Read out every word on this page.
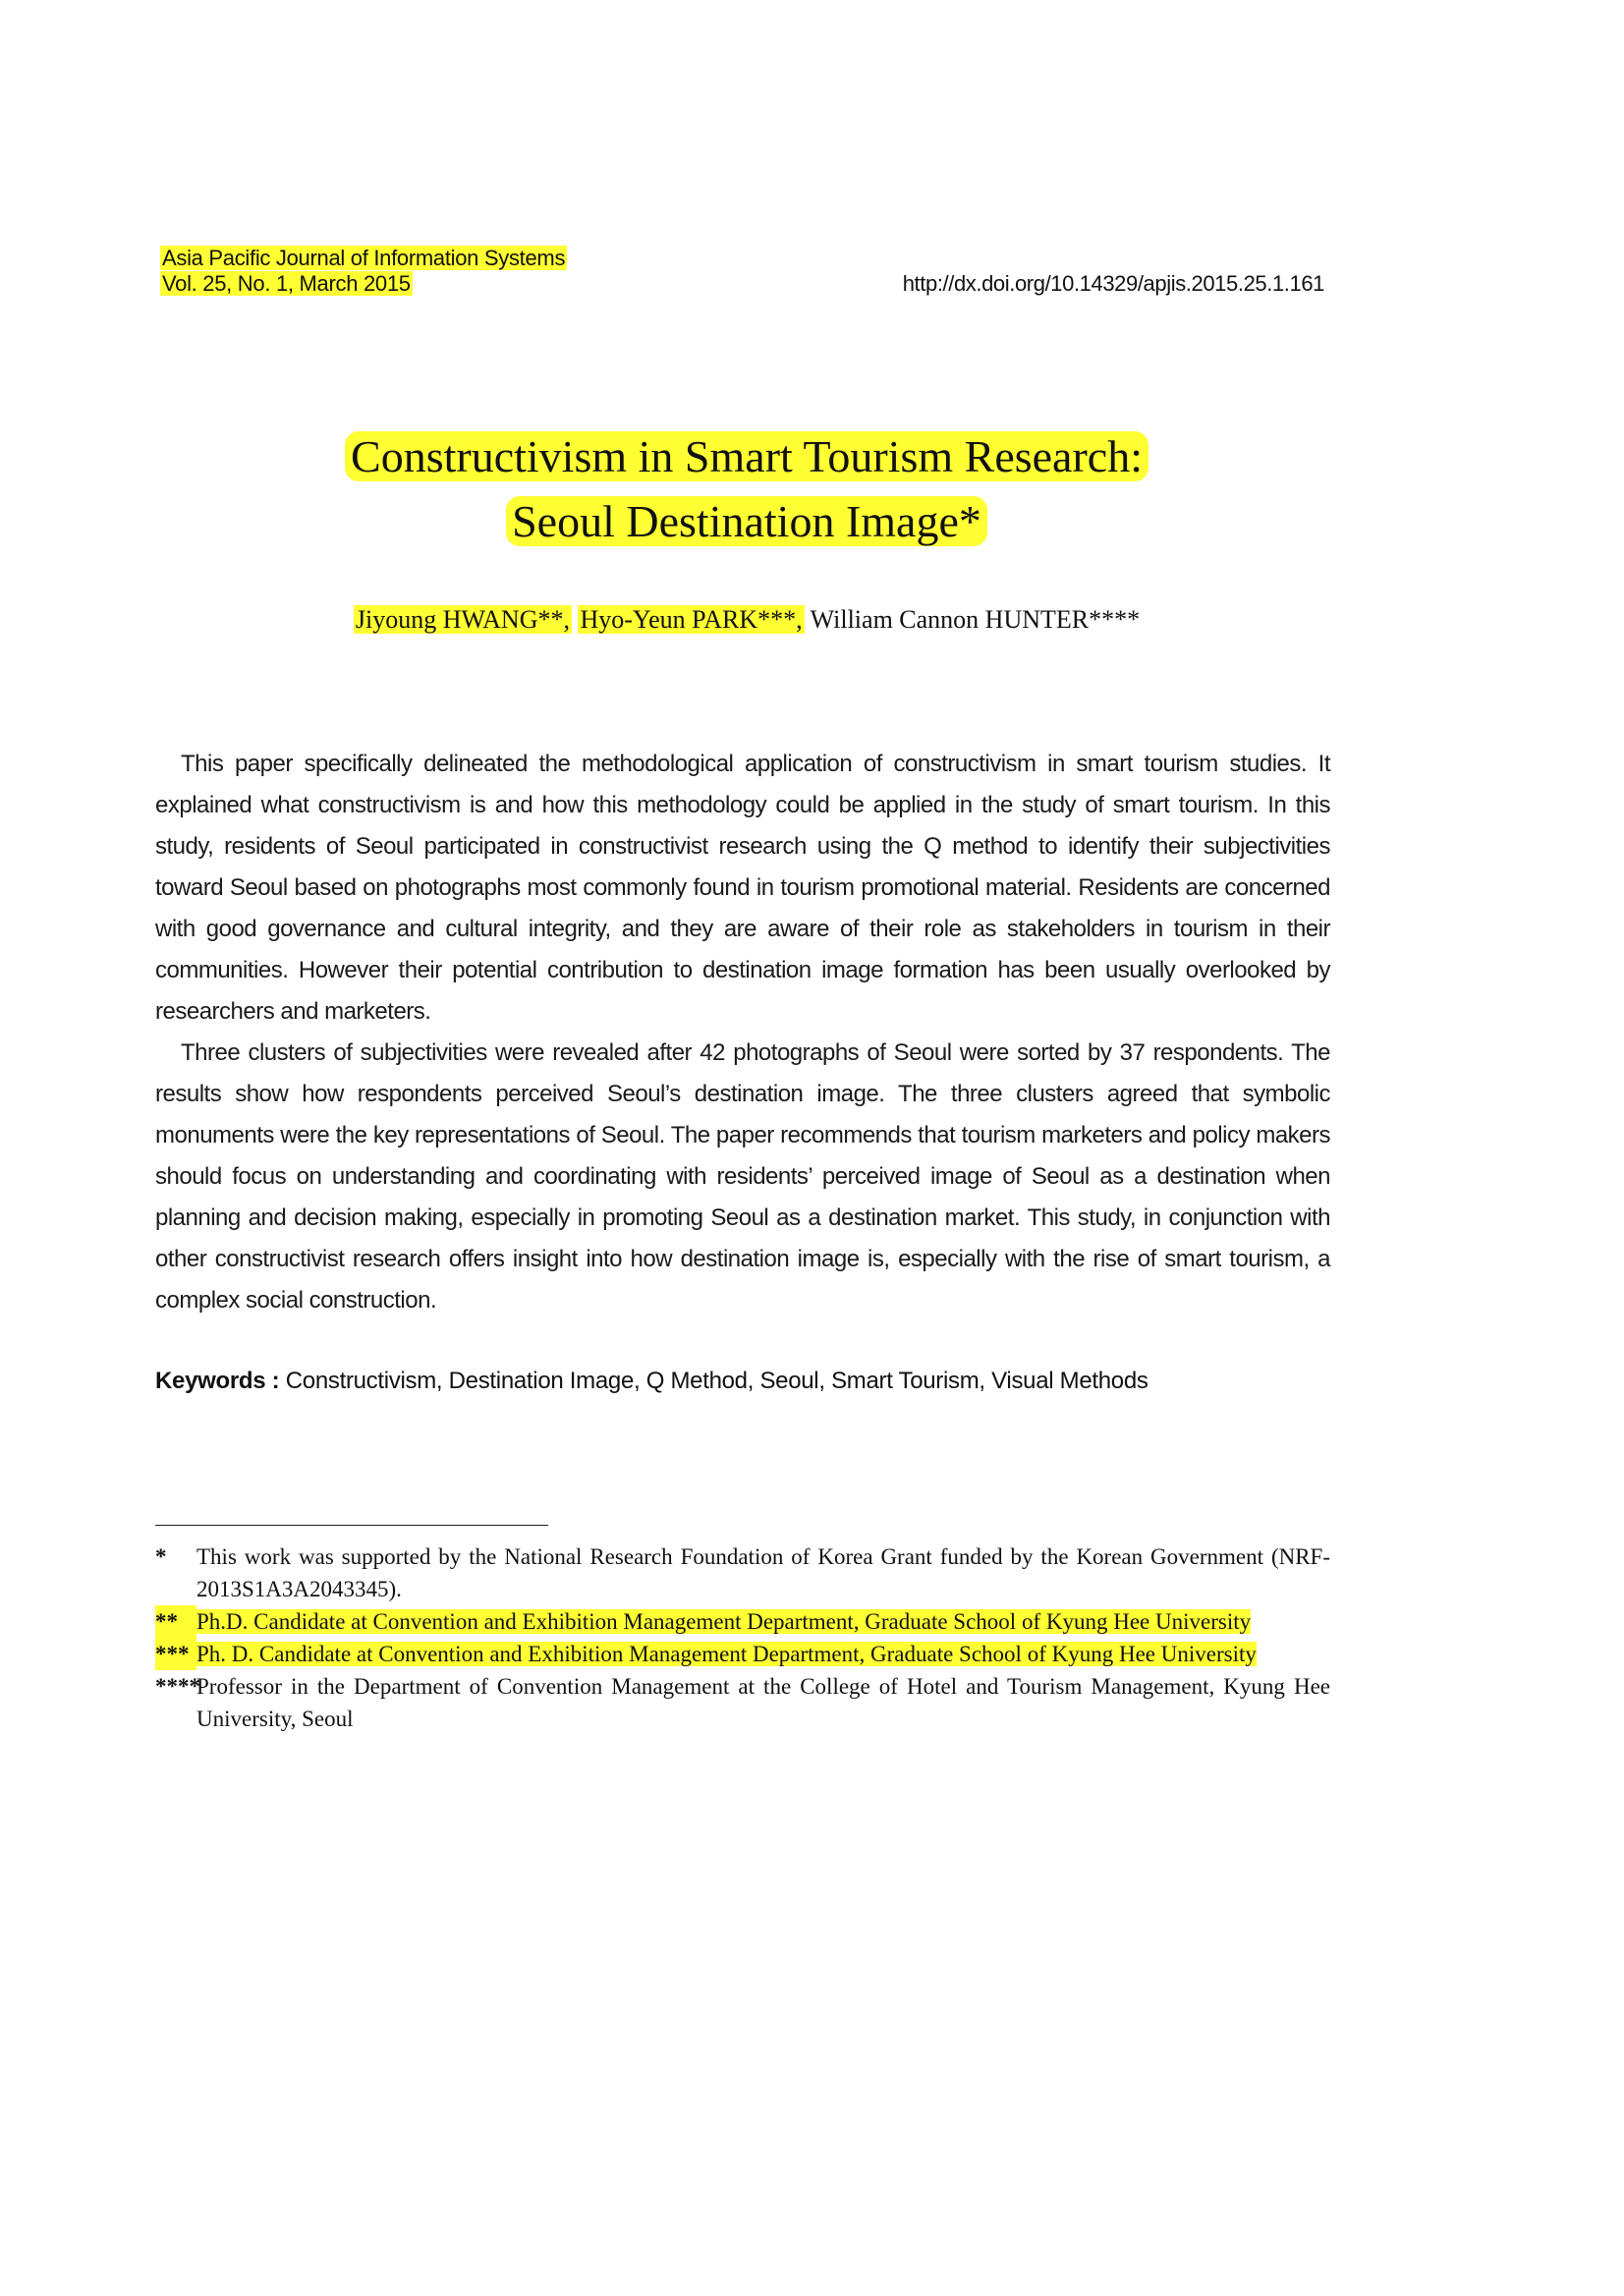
Asia Pacific Journal of Information Systems
Vol. 25, No. 1, March 2015	http://dx.doi.org/10.14329/apjis.2015.25.1.161
Constructivism in Smart Tourism Research:
Seoul Destination Image*
Jiyoung HWANG**, Hyo-Yeun PARK***, William Cannon HUNTER****

This paper specifically delineated the methodological application of constructivism in smart tourism studies. It explained what constructivism is and how this methodology could be applied in the study of smart tourism. In this study, residents of Seoul participated in constructivist research using the Q method to identify their subjectivities toward Seoul based on photographs most commonly found in tourism promotional material. Residents are concerned with good governance and cultural integrity, and they are aware of their role as stakeholders in tourism in their communities. However their potential contribution to destination image formation has been usually overlooked by researchers and marketers.

Three clusters of subjectivities were revealed after 42 photographs of Seoul were sorted by 37 respondents. The results show how respondents perceived Seoul’s destination image. The three clusters agreed that symbolic monuments were the key representations of Seoul. The paper recommends that tourism marketers and policy makers should focus on understanding and coordinating with residents’ perceived image of Seoul as a destination when planning and decision making, especially in promoting Seoul as a destination market. This study, in conjunction with other constructivist research offers insight into how destination image is, especially with the rise of smart tourism, a complex social construction.

Keywords : Constructivism, Destination Image, Q Method, Seoul, Smart Tourism, Visual Methods
*	This work was supported by the National Research Foundation of Korea Grant funded by the Korean Government (NRF-2013S1A3A2043345).
** Ph.D. Candidate at Convention and Exhibition Management Department, Graduate School of Kyung Hee University
*** Ph. D. Candidate at Convention and Exhibition Management Department, Graduate School of Kyung Hee University
****
Professor in the Department of Convention Management at the College of Hotel and Tourism Management, Kyung Hee University, Seoul
